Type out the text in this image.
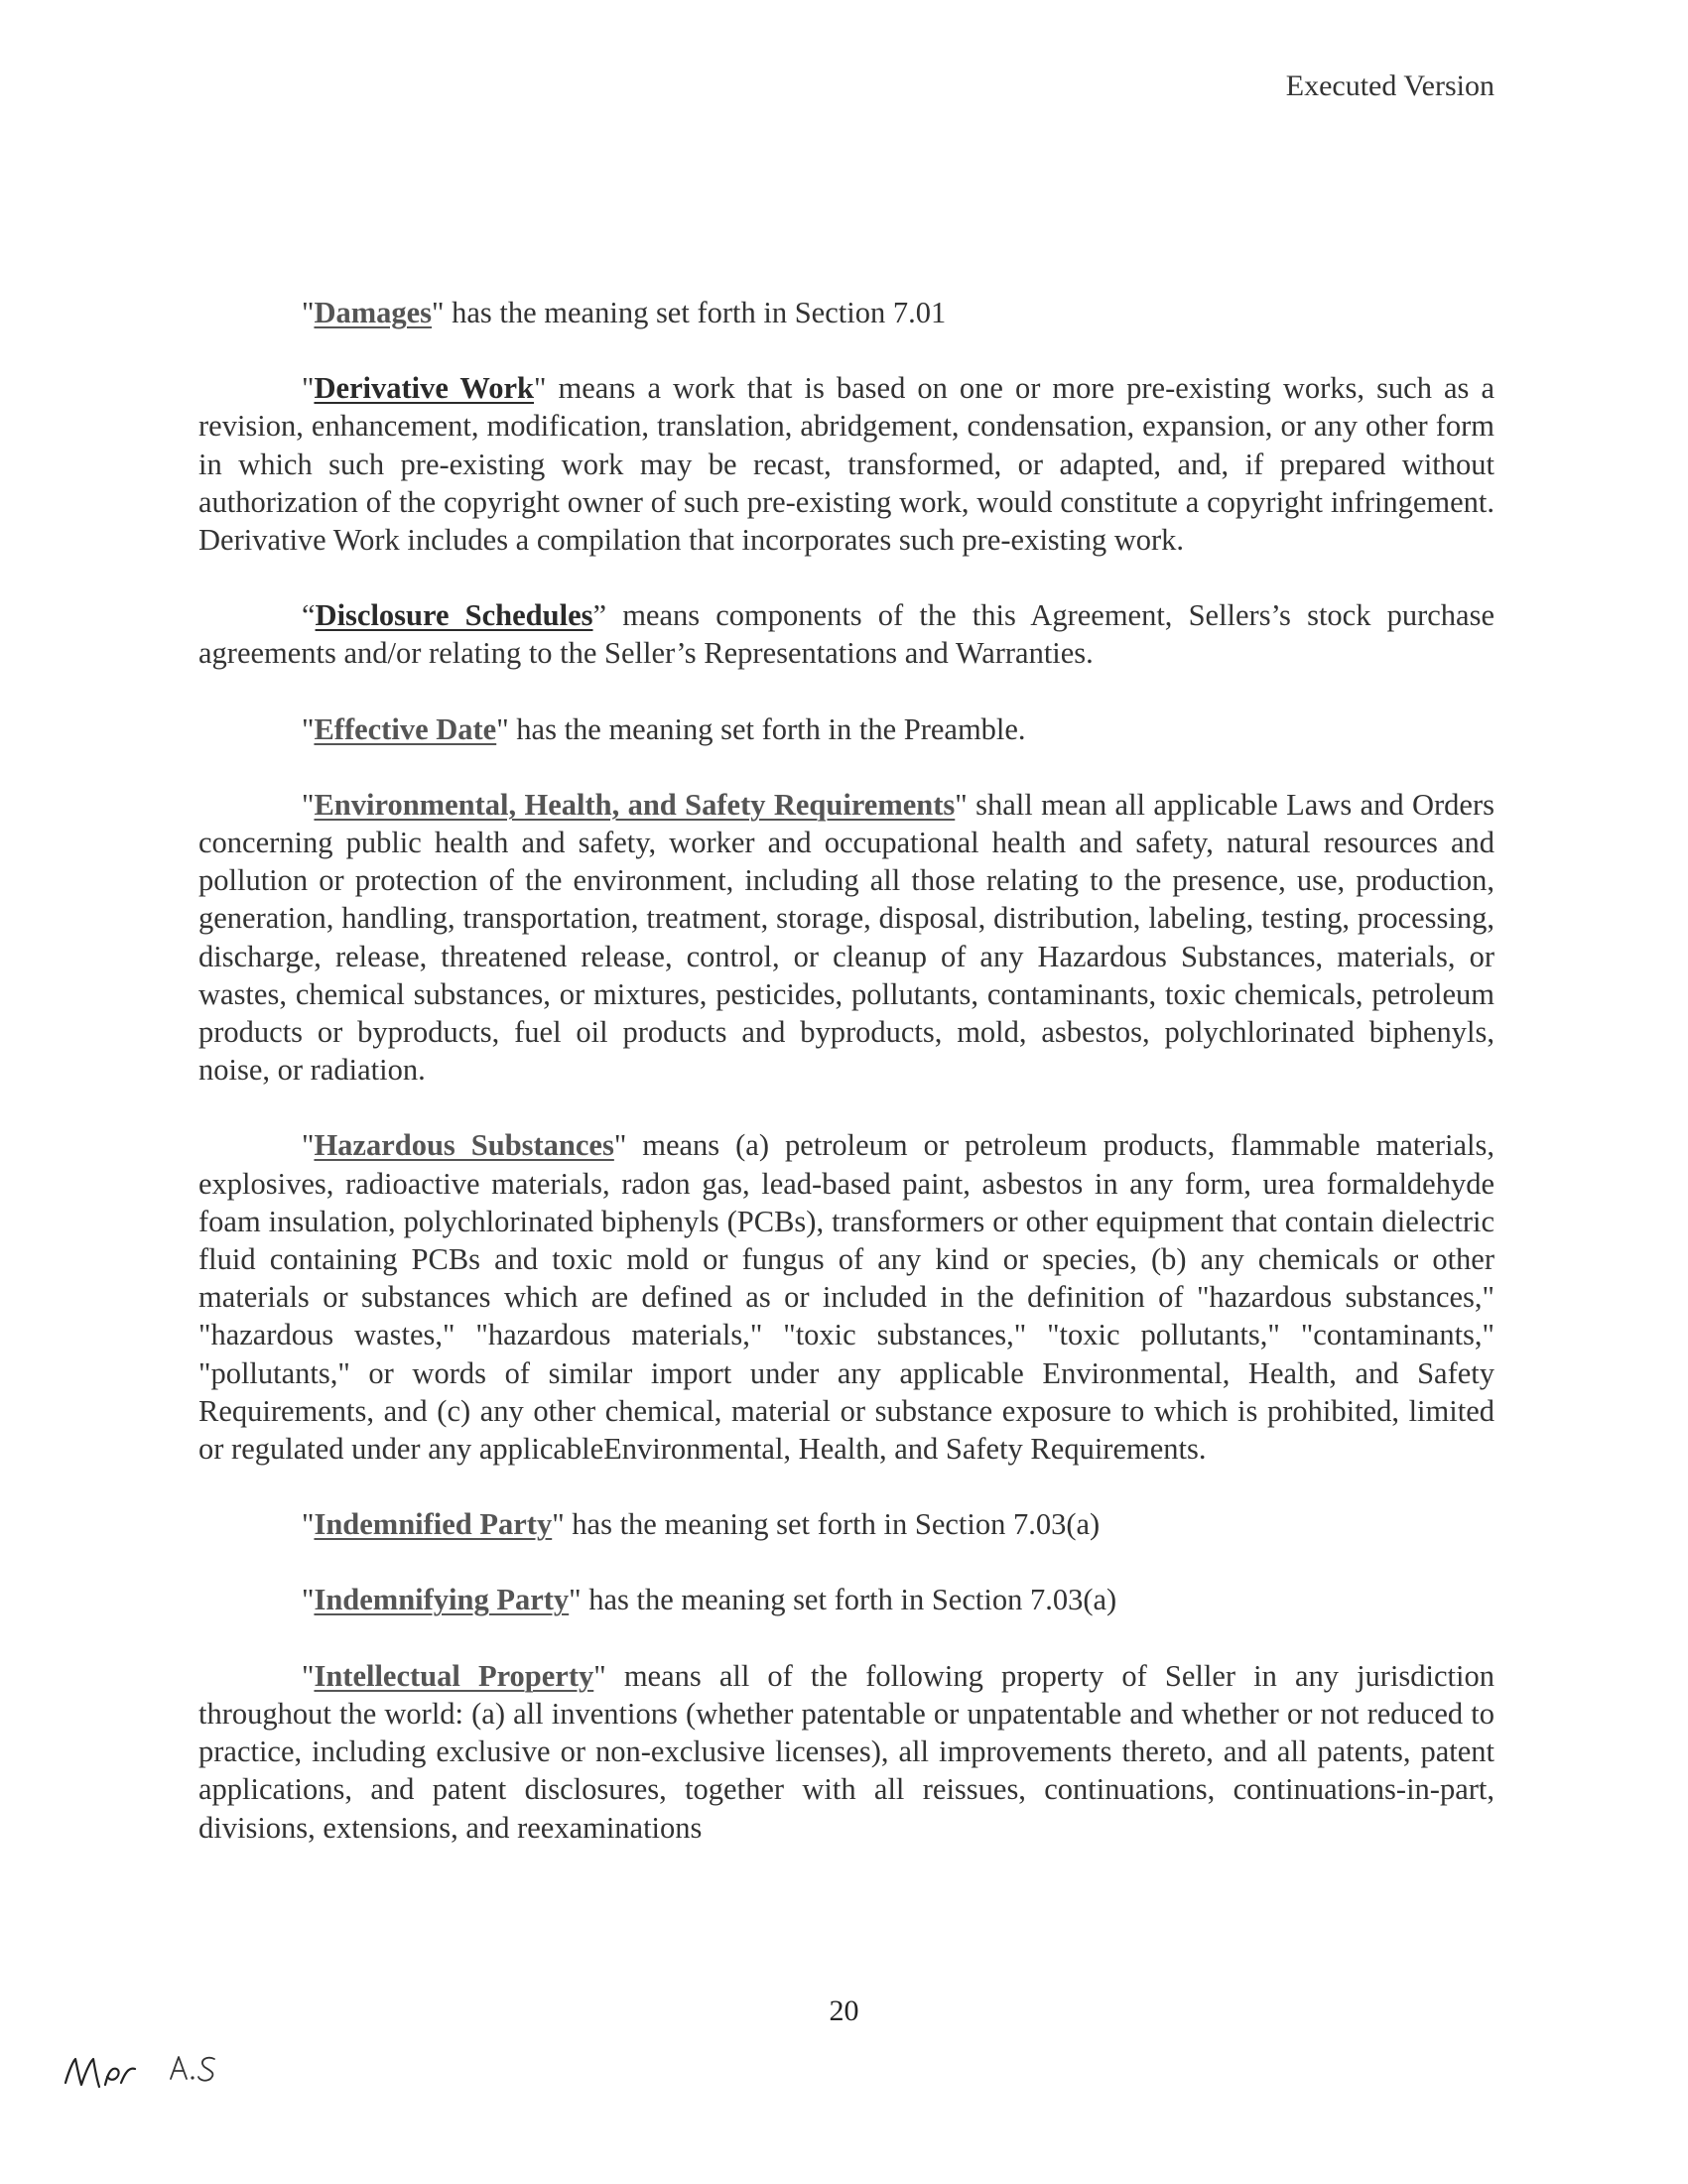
Executed Version

"Damages" has the meaning set forth in Section 7.01

"Derivative Work" means a work that is based on one or more pre-existing works, such as a revision, enhancement, modification, translation, abridgement, condensation, expansion, or any other form in which such pre-existing work may be recast, transformed, or adapted, and, if prepared without authorization of the copyright owner of such pre-existing work, would constitute a copyright infringement. Derivative Work includes a compilation that incorporates such pre-existing work.

“Disclosure Schedules” means components of the this Agreement, Sellers’s stock purchase agreements and/or relating to the Seller’s Representations and Warranties.

"Effective Date" has the meaning set forth in the Preamble.

"Environmental, Health, and Safety Requirements" shall mean all applicable Laws and Orders concerning public health and safety, worker and occupational health and safety, natural resources and pollution or protection of the environment, including all those relating to the presence, use, production, generation, handling, transportation, treatment, storage, disposal, distribution, labeling, testing, processing, discharge, release, threatened release, control, or cleanup of any Hazardous Substances, materials, or wastes, chemical substances, or mixtures, pesticides, pollutants, contaminants, toxic chemicals, petroleum products or byproducts, fuel oil products and byproducts, mold, asbestos, polychlorinated biphenyls, noise, or radiation.

"Hazardous Substances" means (a) petroleum or petroleum products, flammable materials, explosives, radioactive materials, radon gas, lead-based paint, asbestos in any form, urea formaldehyde foam insulation, polychlorinated biphenyls (PCBs), transformers or other equipment that contain dielectric fluid containing PCBs and toxic mold or fungus of any kind or species, (b) any chemicals or other materials or substances which are defined as or included in the definition of "hazardous substances," "hazardous wastes," "hazardous materials," "toxic substances," "toxic pollutants," "contaminants," "pollutants," or words of similar import under any applicable Environmental, Health, and Safety Requirements, and (c) any other chemical, material or substance exposure to which is prohibited, limited or regulated under any applicableEnvironmental, Health, and Safety Requirements.

"Indemnified Party" has the meaning set forth in Section 7.03(a)

"Indemnifying Party" has the meaning set forth in Section 7.03(a)

"Intellectual Property" means all of the following property of Seller in any jurisdiction throughout the world: (a) all inventions (whether patentable or unpatentable and whether or not reduced to practice, including exclusive or non-exclusive licenses), all improvements thereto, and all patents, patent applications, and patent disclosures, together with all reissues, continuations, continuations-in-part, divisions, extensions, and reexaminations

20
